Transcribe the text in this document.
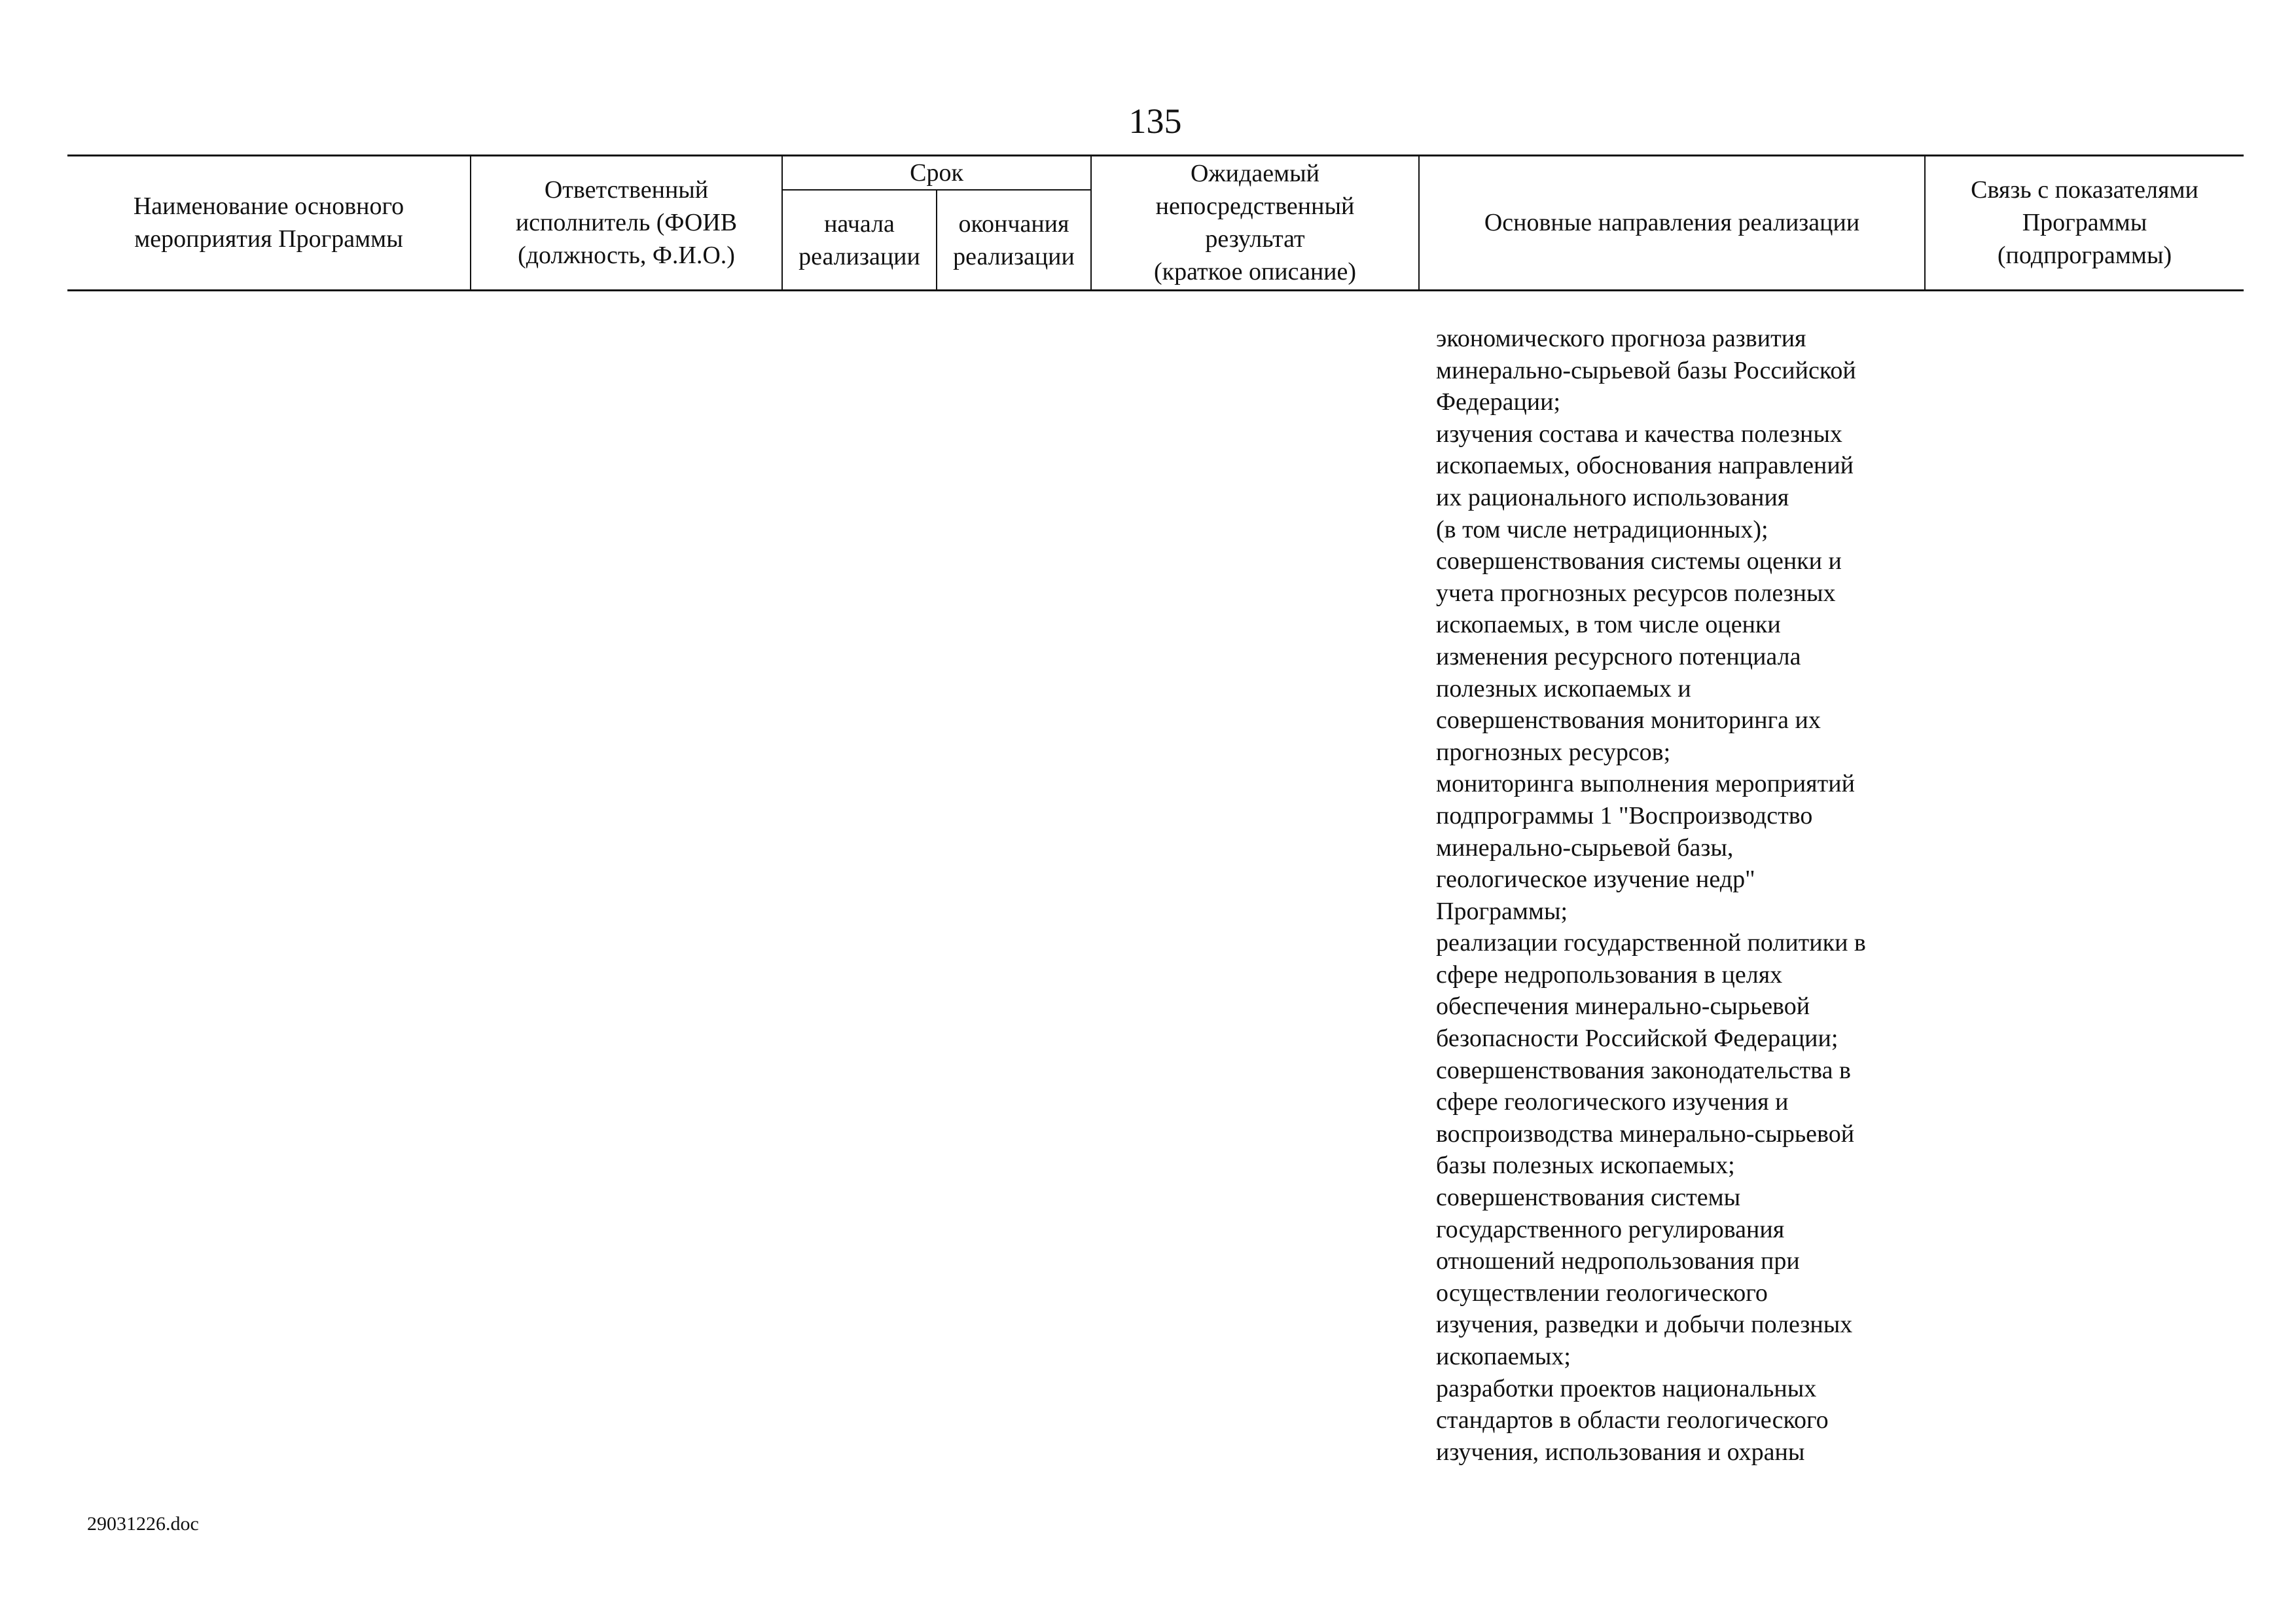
135
Наименование основного
мероприятия Программы
Ответственный
исполнитель (ФОИВ
(должность, Ф.И.О.)
Срок
начала
реализации
окончания
реализации
Ожидаемый
непосредственный
результат
(краткое описание)
Основные направления реализации
Связь с показателями
Программы
(подпрограммы)
экономического прогноза развития
минерально-сырьевой базы Российской
Федерации;
изучения состава и качества полезных
ископаемых, обоснования направлений
их рационального использования
(в том числе нетрадиционных);
совершенствования системы оценки и
учета прогнозных ресурсов полезных
ископаемых, в том числе оценки
изменения ресурсного потенциала
полезных ископаемых и
совершенствования мониторинга их
прогнозных ресурсов;
мониторинга выполнения мероприятий
подпрограммы 1 "Воспроизводство
минерально-сырьевой базы,
геологическое изучение недр"
Программы;
реализации государственной политики в
сфере недропользования в целях
обеспечения минерально-сырьевой
безопасности Российской Федерации;
совершенствования законодательства в
сфере геологического изучения и
воспроизводства минерально-сырьевой
базы полезных ископаемых;
совершенствования системы
государственного регулирования
отношений недропользования при
осуществлении геологического
изучения, разведки и добычи полезных
ископаемых;
разработки проектов национальных
стандартов в области геологического
изучения, использования и охраны
29031226.doc
